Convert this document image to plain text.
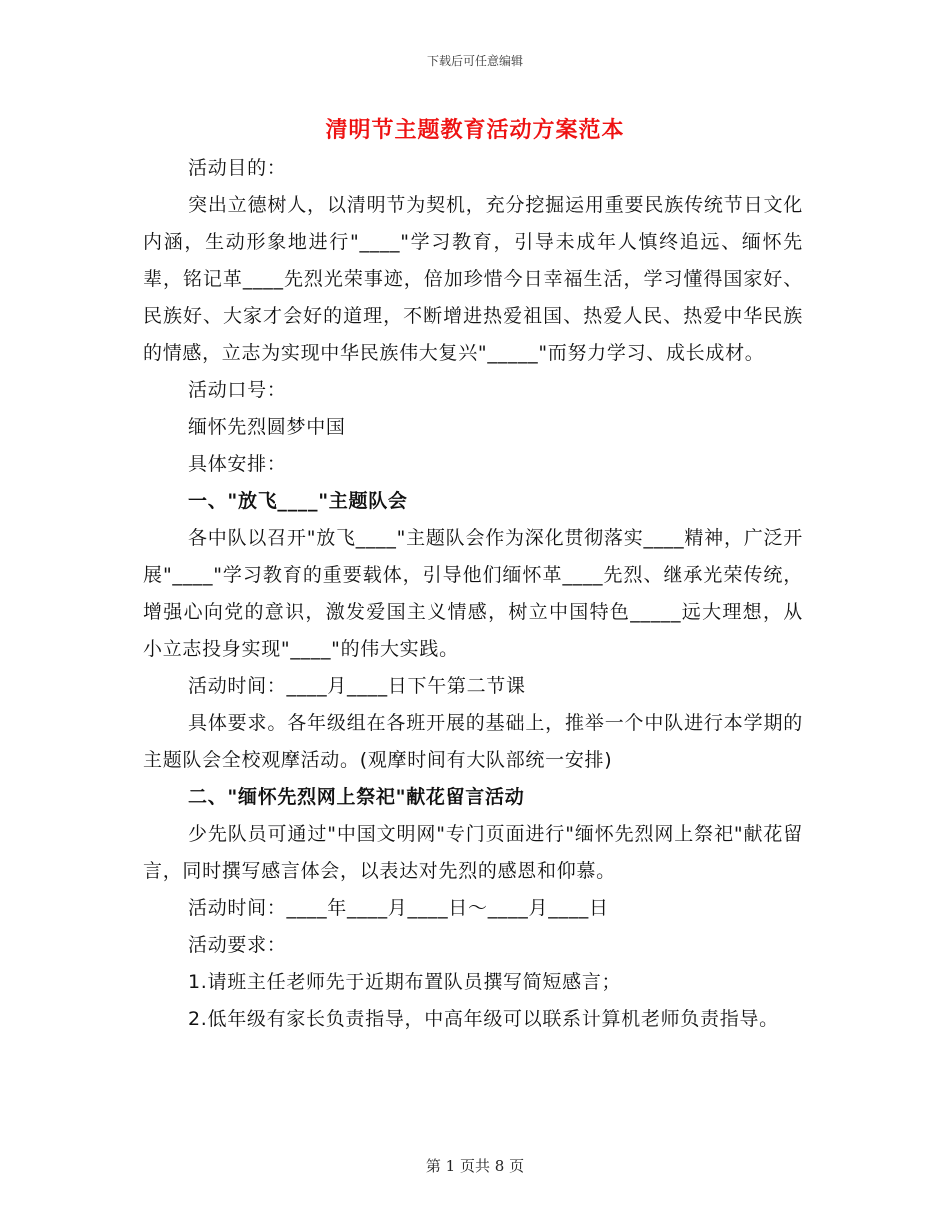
下载后可任意编辑
清明节主题教育活动方案范本

活动目的：

突出立德树人，以清明节为契机，充分挖掘运用重要民族传统节日文化内涵，生动形象地进行"____"学习教育，引导未成年人慎终追远、缅怀先辈，铭记革____先烈光荣事迹，倍加珍惜今日幸福生活，学习懂得国家好、民族好、大家才会好的道理，不断增进热爱祖国、热爱人民、热爱中华民族的情感，立志为实现中华民族伟大复兴"_____"而努力学习、成长成材。

活动口号：

缅怀先烈圆梦中国

具体安排：

一、"放飞____"主题队会

各中队以召开"放飞____"主题队会作为深化贯彻落实____精神，广泛开展"____"学习教育的重要载体，引导他们缅怀革____先烈、继承光荣传统，增强心向党的意识，激发爱国主义情感，树立中国特色_____远大理想，从小立志投身实现"____"的伟大实践。

活动时间：____月____日下午第二节课

具体要求。各年级组在各班开展的基础上，推举一个中队进行本学期的主题队会全校观摩活动。(观摩时间有大队部统一安排)

二、"缅怀先烈网上祭祀"献花留言活动

少先队员可通过"中国文明网"专门页面进行"缅怀先烈网上祭祀"献花留言，同时撰写感言体会，以表达对先烈的感恩和仰慕。

活动时间：____年____月____日～____月____日

活动要求：

1.请班主任老师先于近期布置队员撰写简短感言；

2.低年级有家长负责指导，中高年级可以联系计算机老师负责指导。

第 1 页共 8 页
